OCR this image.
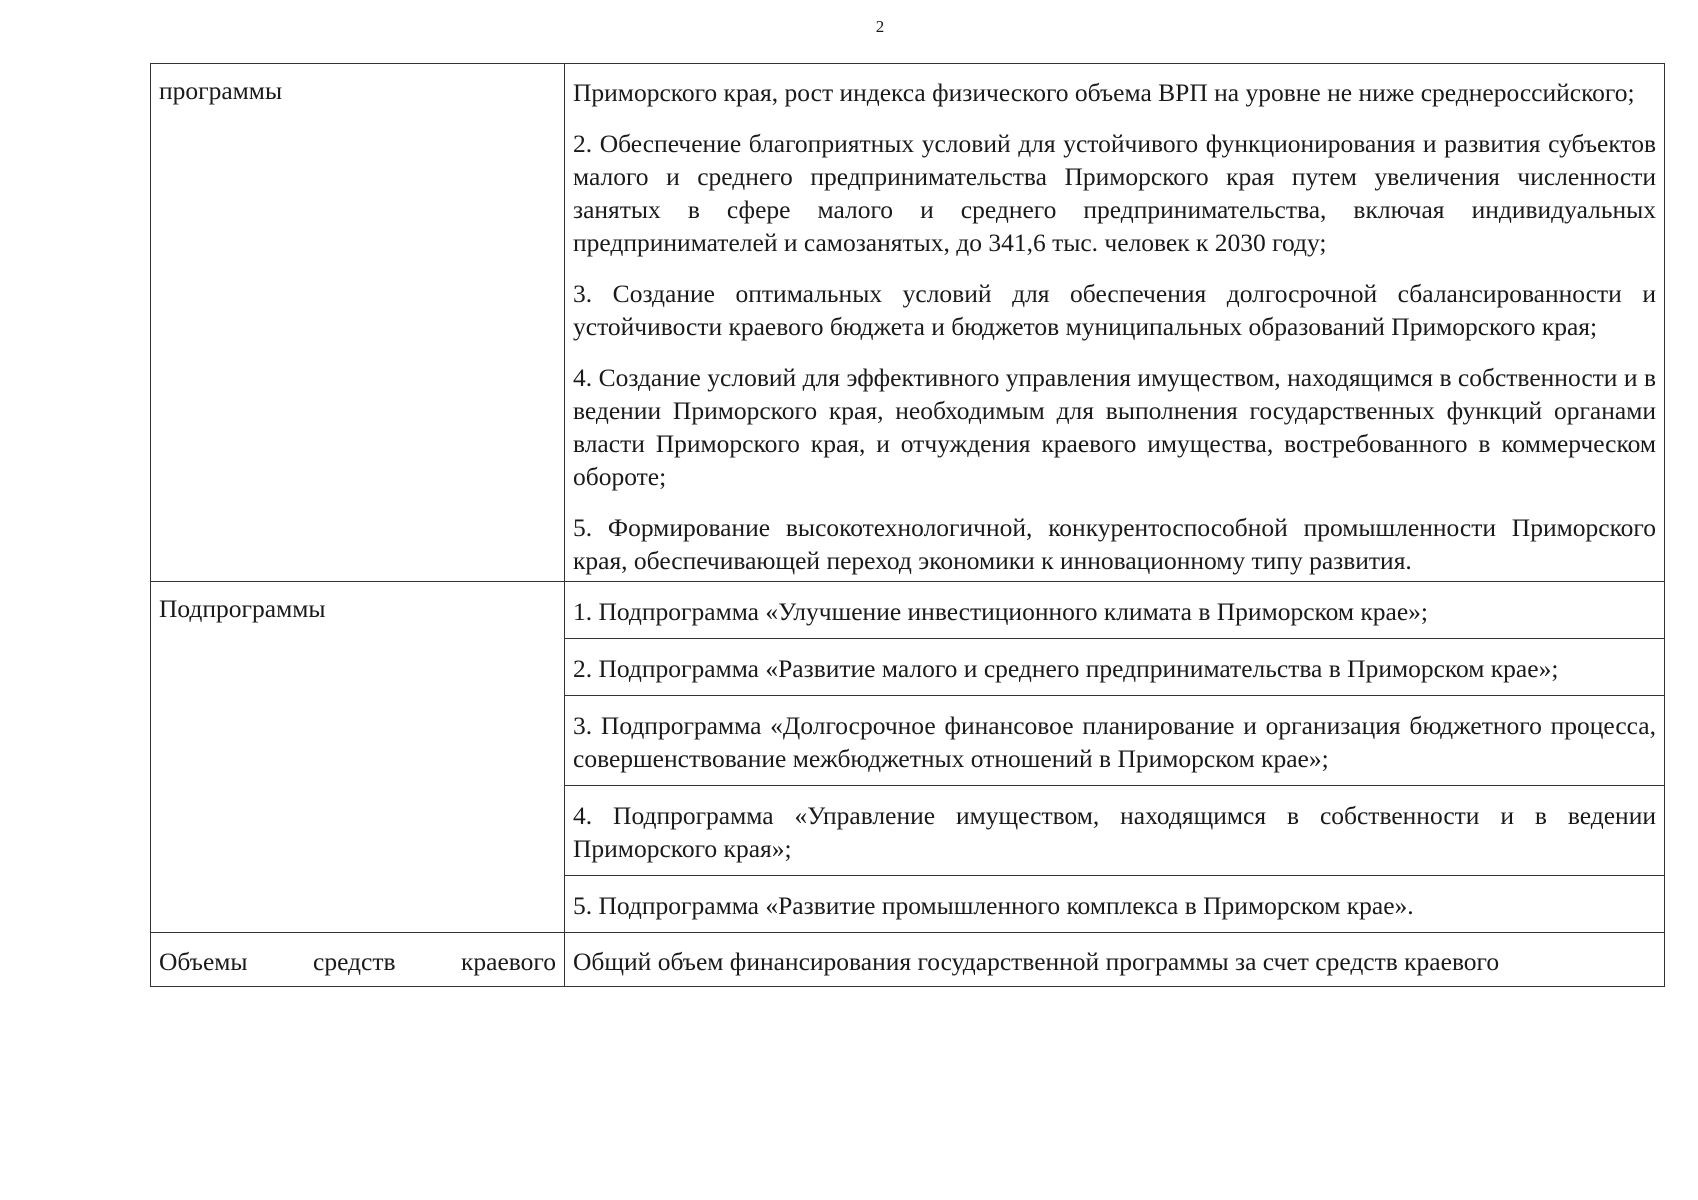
2
программы	Приморского края, рост индекса физического объема ВРП на уровне не ниже среднероссийского;

2. Обеспечение благоприятных условий для устойчивого функционирования и развития субъектов малого и среднего предпринимательства Приморского края путем увеличения численности занятых в сфере малого и среднего предпринимательства, включая индивидуальных предпринимателей и самозанятых, до 341,6 тыс. человек к 2030 году;

3. Создание оптимальных условий для обеспечения долгосрочной сбалансированности и устойчивости краевого бюджета и бюджетов муниципальных образований Приморского края;

4. Создание условий для эффективного управления имуществом, находящимся в собственности и в ведении Приморского края, необходимым для выполнения государственных функций органами власти Приморского края, и отчуждения краевого имущества, востребованного в коммерческом обороте;

5. Формирование высокотехнологичной, конкурентоспособной промышленности Приморского края, обеспечивающей переход экономики к инновационному типу развития.

Подпрограммы	1. Подпрограмма «Улучшение инвестиционного климата в Приморском крае»;
2. Подпрограмма «Развитие малого и среднего предпринимательства в Приморском крае»;
3. Подпрограмма «Долгосрочное финансовое планирование и организация бюджетного процесса, совершенствование межбюджетных отношений в Приморском крае»;
4. Подпрограмма «Управление имуществом, находящимся в собственности и в ведении Приморского края»;
5. Подпрограмма «Развитие промышленного комплекса в Приморском крае».

Объемы средств краевого	Общий объем финансирования государственной программы за счет средств краевого
